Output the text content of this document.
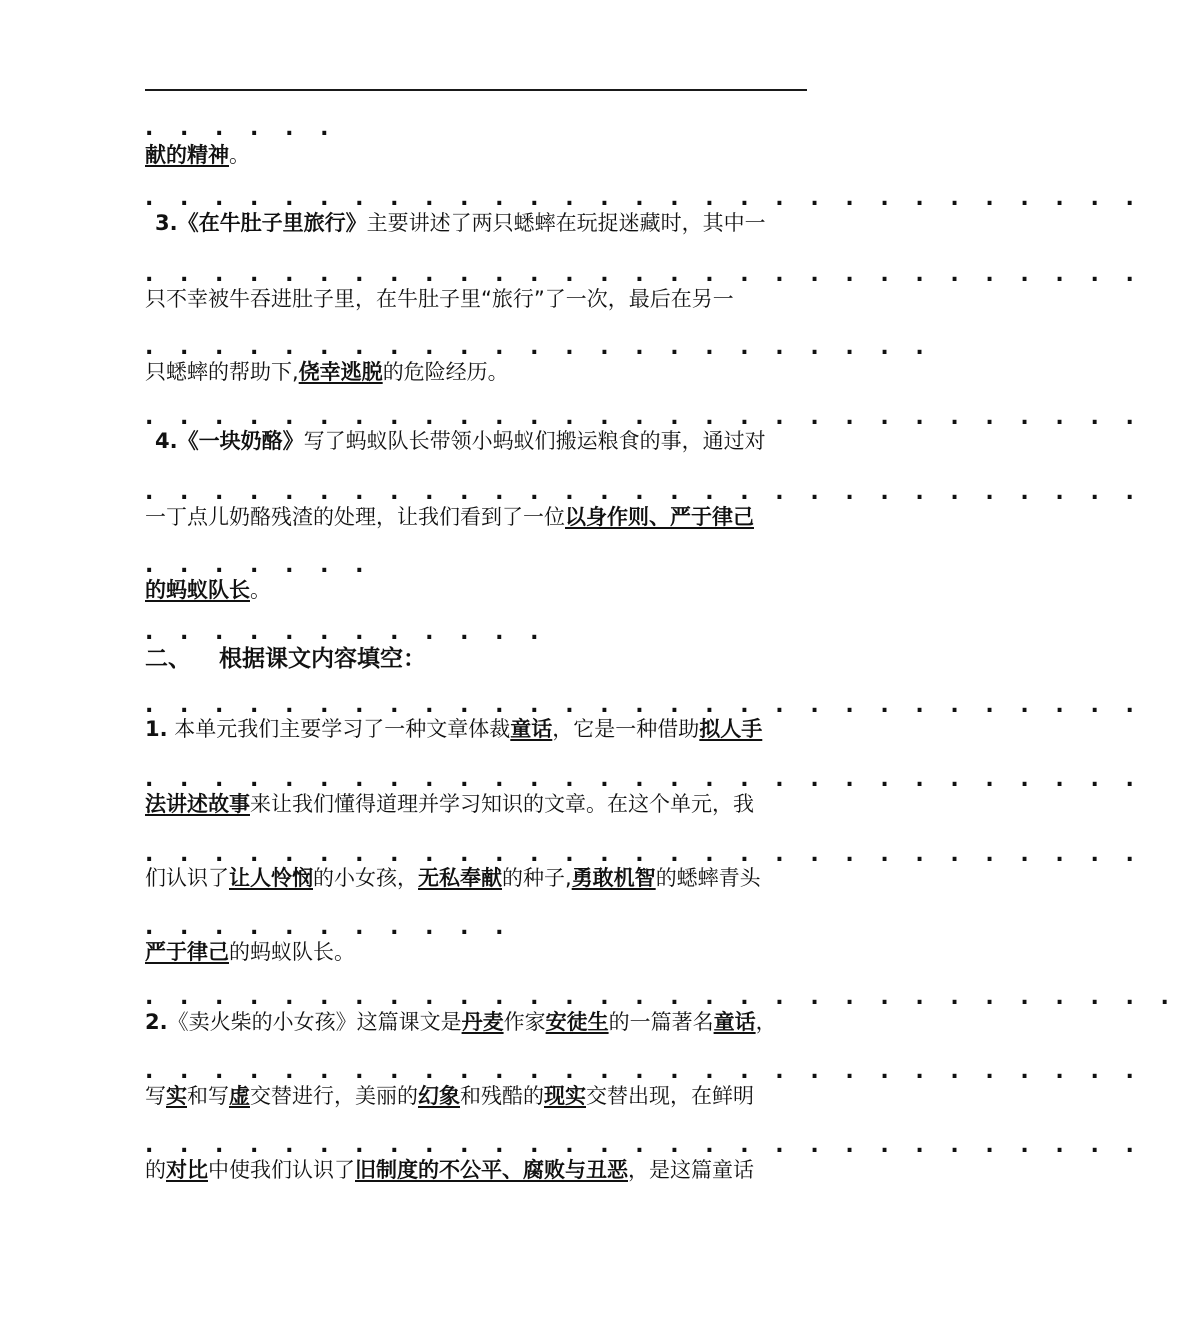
. . . . . .
献的精神。
. . . . . . . . . . . . . . . . . . . . . . . . . . . . .
3.《在牛肚子里旅行》主要讲述了两只蟋蟀在玩捉迷藏时，其中一
. . . . . . . . . . . . . . . . . . . . . . . . . . . . .
只不幸被牛吞进肚子里，在牛肚子里“旅行”了一次，最后在另一
. . . . . . . . . . . . . . . . . . . . . . .
只蟋蟀的帮助下,侥幸逃脱的危险经历。
. . . . . . . . . . . . . . . . . . . . . . . . . . . . .
4.《一块奶酪》写了蚂蚁队长带领小蚂蚁们搬运粮食的事，通过对
. . . . . . . . . . . . . . . . . . . . . . . . . . . . .
一丁点儿奶酪残渣的处理，让我们看到了一位以身作则、严于律己
. . . . . . .
的蚂蚁队长。
. . . . . . . . . . . .
二、 根据课文内容填空：
. . . . . . . . . . . . . . . . . . . . . . . . . . . . .
1. 本单元我们主要学习了一种文章体裁童话，它是一种借助拟人手
. . . . . . . . . . . . . . . . . . . . . . . . . . . . .
法讲述故事来让我们懂得道理并学习知识的文章。在这个单元，我
. . . . . . . . . . . . . . . . . . . . . . . . . . . . .
们认识了让人怜悯的小女孩，无私奉献的种子,勇敢机智的蟋蟀青头
. . . . . . . . . . .
严于律己的蚂蚁队长。
. . . . . . . . . . . . . . . . . . . . . . . . . . . . . .
2.《卖火柴的小女孩》这篇课文是丹麦作家安徒生的一篇著名童话，
. . . . . . . . . . . . . . . . . . . . . . . . . . . . .
写实和写虚交替进行，美丽的幻象和残酷的现实交替出现，在鲜明
. . . . . . . . . . . . . . . . . . . . . . . . . . . . .
的对比中使我们认识了旧制度的不公平、腐败与丑恶，是这篇童话
